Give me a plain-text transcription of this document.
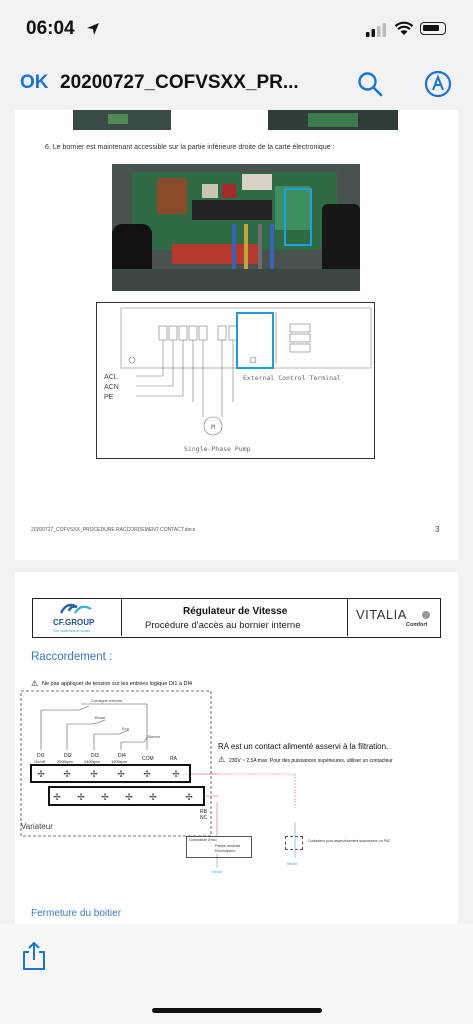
06:04
OK 20200727_COFVSXX_PR...
6. Le bornier est maintenant accessible sur la partie inférieure droite de la carte électronique :
M
ACL
ACN
PE
External Control Terminal
Single-Phase Pump
20200727_COFVSXX_PROCEDURE RACCORDEMENT CONTACT.docx	3
CF.GROUP
Get adapted at water
Régulateur de Vitesse
Procédure d'accès au bornier interne
VITALIA
Comfort
Raccordement :
⚠ Ne pas appliquer de tension sur les entrées logique DI1 à DI4
Consigne externe
Boost
Eco
Silence
DI1
On/off
DI2
2900rpm
DI3
2400rpm
DI4
1200rpm	COM	RA
✢ ✢ ✢ ✢ ✢ ✢
✢ ✢ ✢ ✢ ✢	✢
RB
NC
Variateur
RA est un contact alimenté asservi à la filtration.
⚠ 230V ~ 2,5A max. Pour des puissances supérieures, utiliser un contacteur
Commande d'eau
Pompe doseuse
Electrolyseur
Contacteur pour asservissement surpresseur ou PAC
Neutre
Neutre
Fermeture du boitier
